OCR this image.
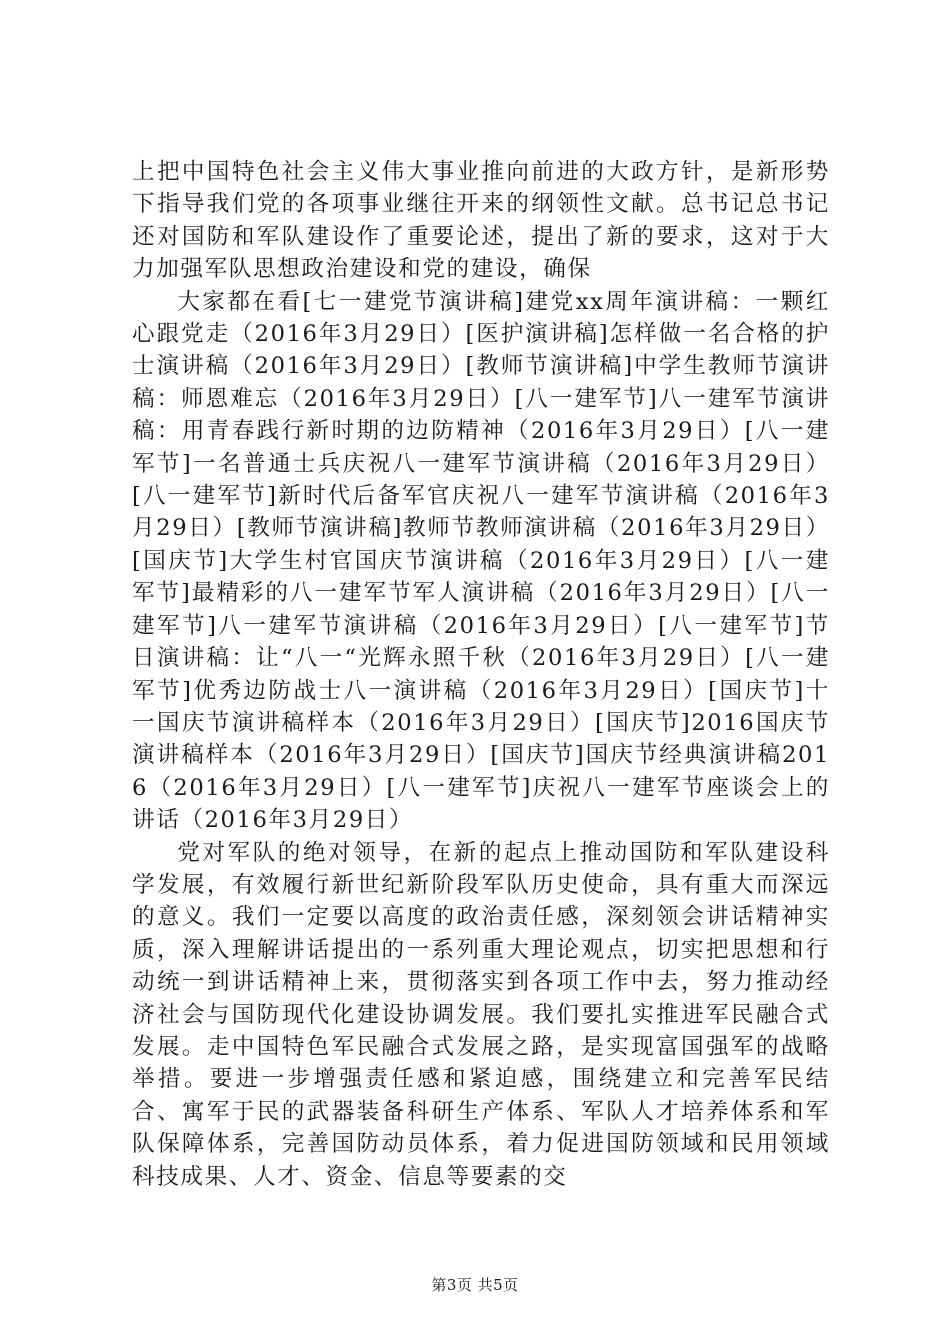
上把中国特色社会主义伟大事业推向前进的大政方针，是新形势下指导我们党的各项事业继往开来的纲领性文献。总书记总书记还对国防和军队建设作了重要论述，提出了新的要求，这对于大力加强军队思想政治建设和党的建设，确保

大家都在看[七一建党节演讲稿]建党xx周年演讲稿：一颗红心跟党走（2016年3月29日）[医护演讲稿]怎样做一名合格的护士演讲稿（2016年3月29日）[教师节演讲稿]中学生教师节演讲稿：师恩难忘（2016年3月29日）[八一建军节]八一建军节演讲稿：用青春践行新时期的边防精神（2016年3月29日）[八一建军节]一名普通士兵庆祝八一建军节演讲稿（2016年3月29日）[八一建军节]新时代后备军官庆祝八一建军节演讲稿（2016年3月29日）[教师节演讲稿]教师节教师演讲稿（2016年3月29日）[国庆节]大学生村官国庆节演讲稿（2016年3月29日）[八一建军节]最精彩的八一建军节军人演讲稿（2016年3月29日）[八一建军节]八一建军节演讲稿（2016年3月29日）[八一建军节]节日演讲稿：让“八一“光辉永照千秋（2016年3月29日）[八一建军节]优秀边防战士八一演讲稿（2016年3月29日）[国庆节]十一国庆节演讲稿样本（2016年3月29日）[国庆节]2016国庆节演讲稿样本（2016年3月29日）[国庆节]国庆节经典演讲稿2016（2016年3月29日）[八一建军节]庆祝八一建军节座谈会上的讲话（2016年3月29日）

党对军队的绝对领导，在新的起点上推动国防和军队建设科学发展，有效履行新世纪新阶段军队历史使命，具有重大而深远的意义。我们一定要以高度的政治责任感，深刻领会讲话精神实质，深入理解讲话提出的一系列重大理论观点，切实把思想和行动统一到讲话精神上来，贯彻落实到各项工作中去，努力推动经济社会与国防现代化建设协调发展。我们要扎实推进军民融合式发展。走中国特色军民融合式发展之路，是实现富国强军的战略举措。要进一步增强责任感和紧迫感，围绕建立和完善军民结合、寓军于民的武器装备科研生产体系、军队人才培养体系和军队保障体系，完善国防动员体系，着力促进国防领域和民用领域科技成果、人才、资金、信息等要素的交

第3页 共5页
